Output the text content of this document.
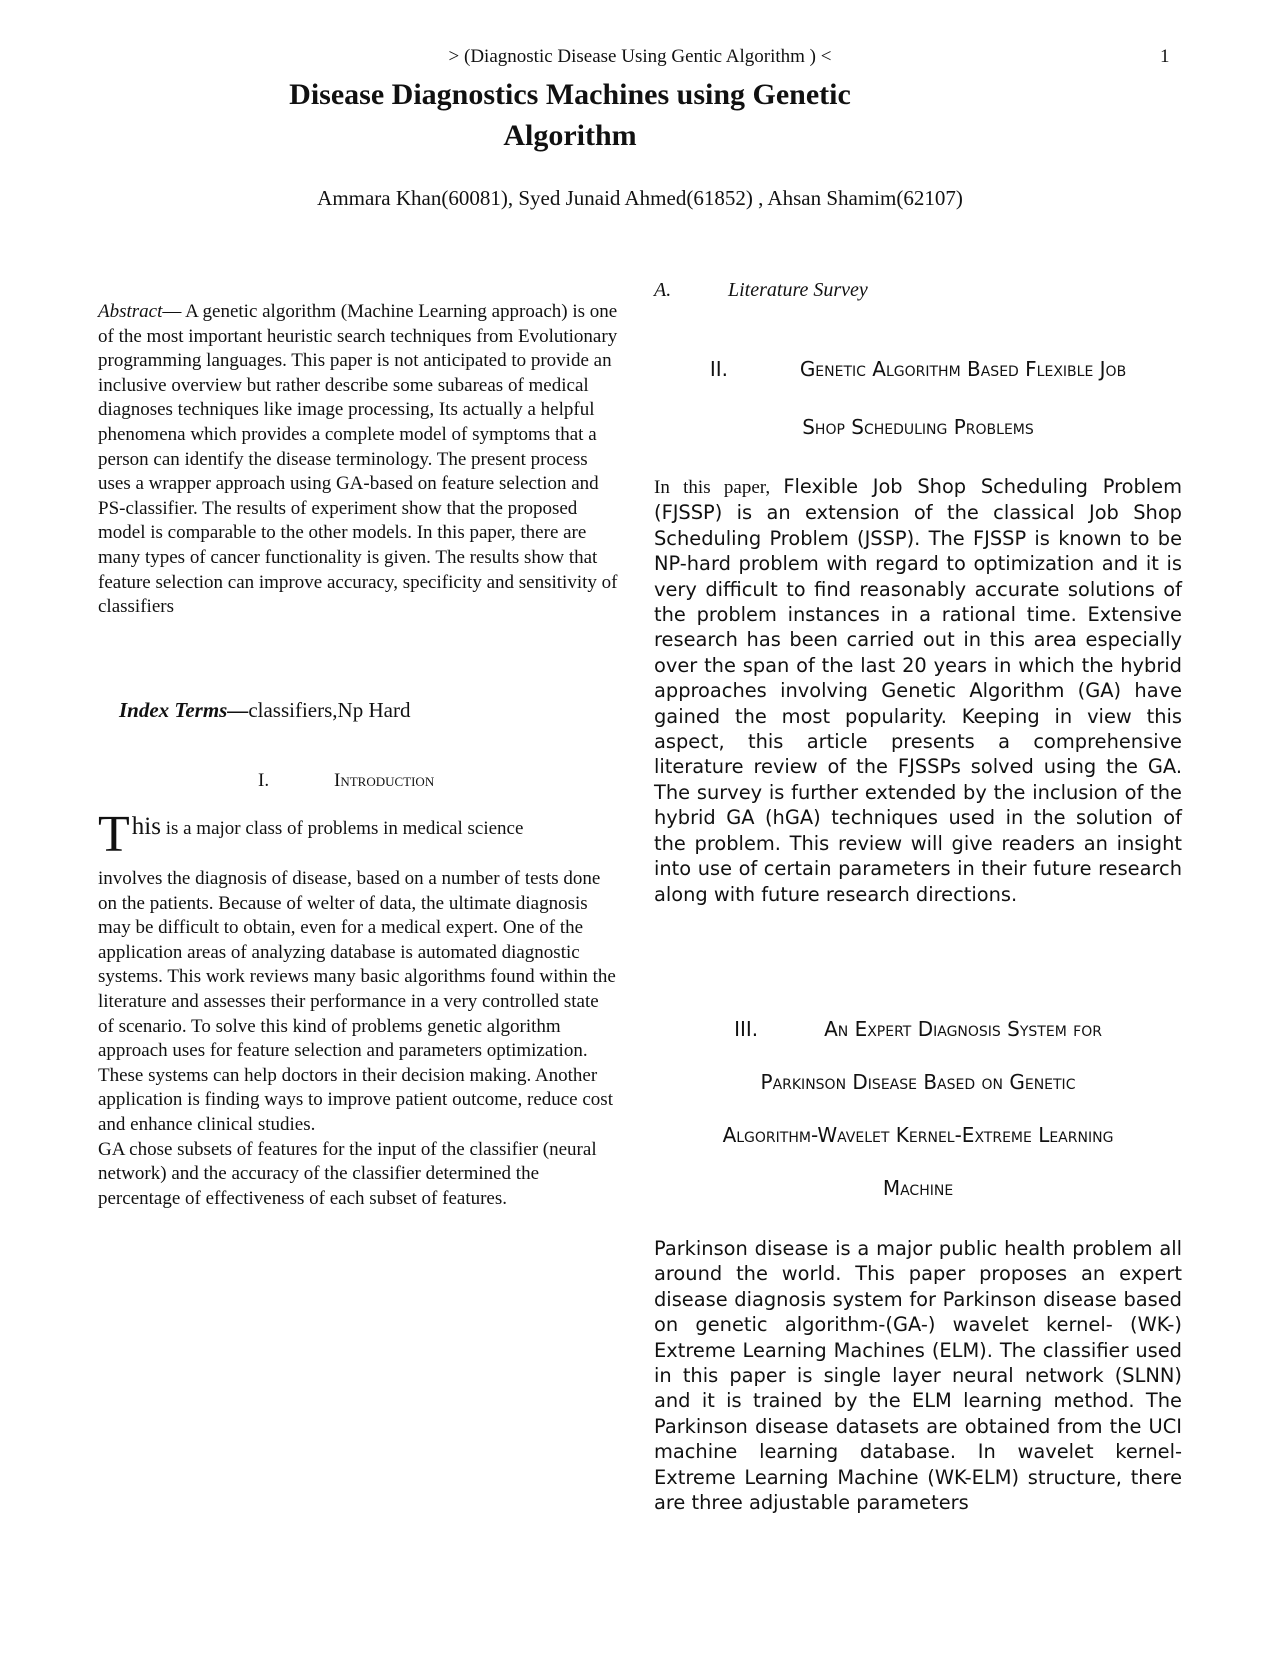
> (Diagnostic Disease Using Gentic Algorithm ) <	1
Disease Diagnostics Machines using Genetic
Algorithm
Ammara Khan(60081), Syed Junaid Ahmed(61852) , Ahsan Shamim(62107)
Abstract— A genetic algorithm (Machine Learning approach) is one of the most important heuristic search techniques from Evolutionary programming languages. This paper is not anticipated to provide an inclusive overview but rather describe some subareas of medical diagnoses techniques like image processing, Its actually a helpful phenomena which provides a complete model of symptoms that a person can identify the disease terminology. The present process uses a wrapper approach using GA-based on feature selection and PS-classifier. The results of experiment show that the proposed model is comparable to the other models. In this paper, there are many types of cancer functionality is given. The results show that feature selection can improve accuracy, specificity and sensitivity of classifiers
Index Terms—classifiers,Np Hard
I.	Introduction
This is a major class of problems in medical science

involves the diagnosis of disease, based on a number of tests done on the patients. Because of welter of data, the ultimate diagnosis may be difficult to obtain, even for a medical expert. One of the application areas of analyzing database is automated diagnostic systems. This work reviews many basic algorithms found within the literature and assesses their performance in a very controlled state of scenario. To solve this kind of problems genetic algorithm approach uses for feature selection and parameters optimization. These systems can help doctors in their decision making. Another application is finding ways to improve patient outcome, reduce cost and enhance clinical studies.

GA chose subsets of features for the input of the classifier (neural network) and the accuracy of the classifier determined the percentage of effectiveness of each subset of features.

A.	Literature Survey
II.	Genetic Algorithm Based Flexible Job
Shop Scheduling Problems
In this paper, Flexible Job Shop Scheduling Problem (FJSSP) is an extension of the classical Job Shop Scheduling Problem (JSSP). The FJSSP is known to be NP-hard problem with regard to optimization and it is very difficult to find reasonably accurate solutions of the problem instances in a rational time. Extensive research has been carried out in this area especially over the span of the last 20 years in which the hybrid approaches involving Genetic Algorithm (GA) have gained the most popularity. Keeping in view this aspect, this article presents a comprehensive literature review of the FJSSPs solved using the GA. The survey is further extended by the inclusion of the hybrid GA (hGA) techniques used in the solution of the problem. This review will give readers an insight into use of certain parameters in their future research along with future research directions.
III.	An Expert Diagnosis System for
Parkinson Disease Based on Genetic
Algorithm-Wavelet Kernel-Extreme Learning
Machine
Parkinson disease is a major public health problem all around the world. This paper proposes an expert disease diagnosis system for Parkinson disease based on genetic algorithm-(GA-) wavelet kernel- (WK-) Extreme Learning Machines (ELM). The classifier used in this paper is single layer neural network (SLNN) and it is trained by the ELM learning method. The Parkinson disease datasets are obtained from the UCI machine learning database. In wavelet kernel-Extreme Learning Machine (WK-ELM) structure, there are three adjustable parameters
